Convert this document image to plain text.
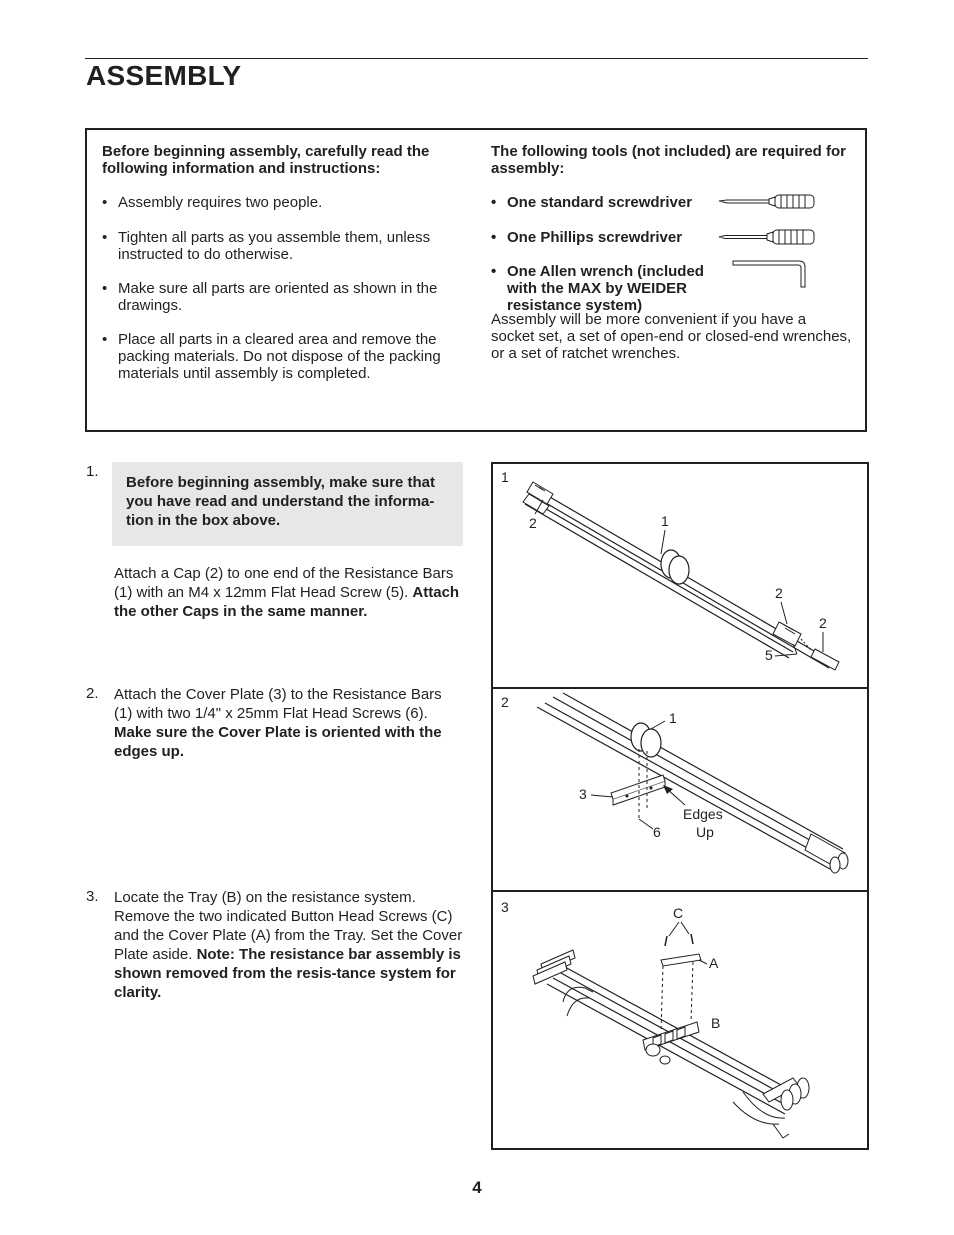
ASSEMBLY

Before beginning assembly, carefully read the following information and instructions:

• Assembly requires two people.
• Tighten all parts as you assemble them, unless instructed to do otherwise.
• Make sure all parts are oriented as shown in the drawings.
• Place all parts in a cleared area and remove the packing materials. Do not dispose of the packing materials until assembly is completed.

The following tools (not included) are required for assembly:

• One standard screwdriver
• One Phillips screwdriver
• One Allen wrench (included with the MAX by WEIDER resistance system)

Assembly will be more convenient if you have a socket set, a set of open-end or closed-end wrenches, or a set of ratchet wrenches.

1.
Before beginning assembly, make sure that you have read and understand the informa-tion in the box above.
Attach a Cap (2) to one end of the Resistance Bars (1) with an M4 x 12mm Flat Head Screw (5). Attach the other Caps in the same manner.
2. Attach the Cover Plate (3) to the Resistance Bars (1) with two 1/4" x 25mm Flat Head Screws (6). Make sure the Cover Plate is oriented with the edges up.
3. Locate the Tray (B) on the resistance system. Remove the two indicated Button Head Screws (C) and the Cover Plate (A) from the Tray. Set the Cover Plate aside. Note: The resistance bar assembly is shown removed from the resis-tance system for clarity.
1
2	1
2
2
5
2
3
1
6
Edges
Up
3	C
A
B
4
